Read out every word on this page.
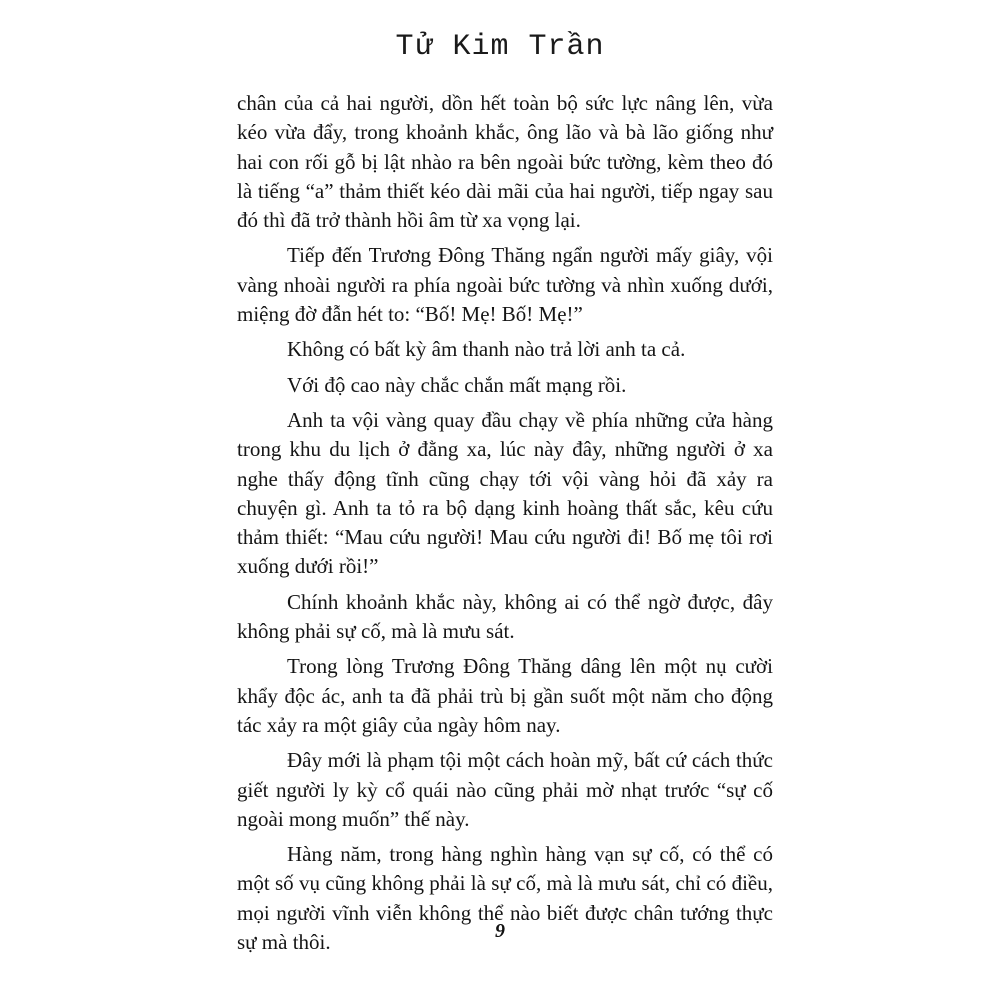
Tử Kim Trần

chân của cả hai người, dồn hết toàn bộ sức lực nâng lên, vừa kéo vừa đẩy, trong khoảnh khắc, ông lão và bà lão giống như hai con rối gỗ bị lật nhào ra bên ngoài bức tường, kèm theo đó là tiếng “a” thảm thiết kéo dài mãi của hai người, tiếp ngay sau đó thì đã trở thành hồi âm từ xa vọng lại.

Tiếp đến Trương Đông Thăng ngẩn người mấy giây, vội vàng nhoài người ra phía ngoài bức tường và nhìn xuống dưới, miệng đờ đẫn hét to: “Bố! Mẹ! Bố! Mẹ!”

Không có bất kỳ âm thanh nào trả lời anh ta cả.

Với độ cao này chắc chắn mất mạng rồi.

Anh ta vội vàng quay đầu chạy về phía những cửa hàng trong khu du lịch ở đằng xa, lúc này đây, những người ở xa nghe thấy động tĩnh cũng chạy tới vội vàng hỏi đã xảy ra chuyện gì. Anh ta tỏ ra bộ dạng kinh hoàng thất sắc, kêu cứu thảm thiết: “Mau cứu người! Mau cứu người đi! Bố mẹ tôi rơi xuống dưới rồi!”

Chính khoảnh khắc này, không ai có thể ngờ được, đây không phải sự cố, mà là mưu sát.

Trong lòng Trương Đông Thăng dâng lên một nụ cười khẩy độc ác, anh ta đã phải trù bị gần suốt một năm cho động tác xảy ra một giây của ngày hôm nay.

Đây mới là phạm tội một cách hoàn mỹ, bất cứ cách thức giết người ly kỳ cổ quái nào cũng phải mờ nhạt trước “sự cố ngoài mong muốn” thế này.

Hàng năm, trong hàng nghìn hàng vạn sự cố, có thể có một số vụ cũng không phải là sự cố, mà là mưu sát, chỉ có điều, mọi người vĩnh viễn không thể nào biết được chân tướng thực sự mà thôi.	9
